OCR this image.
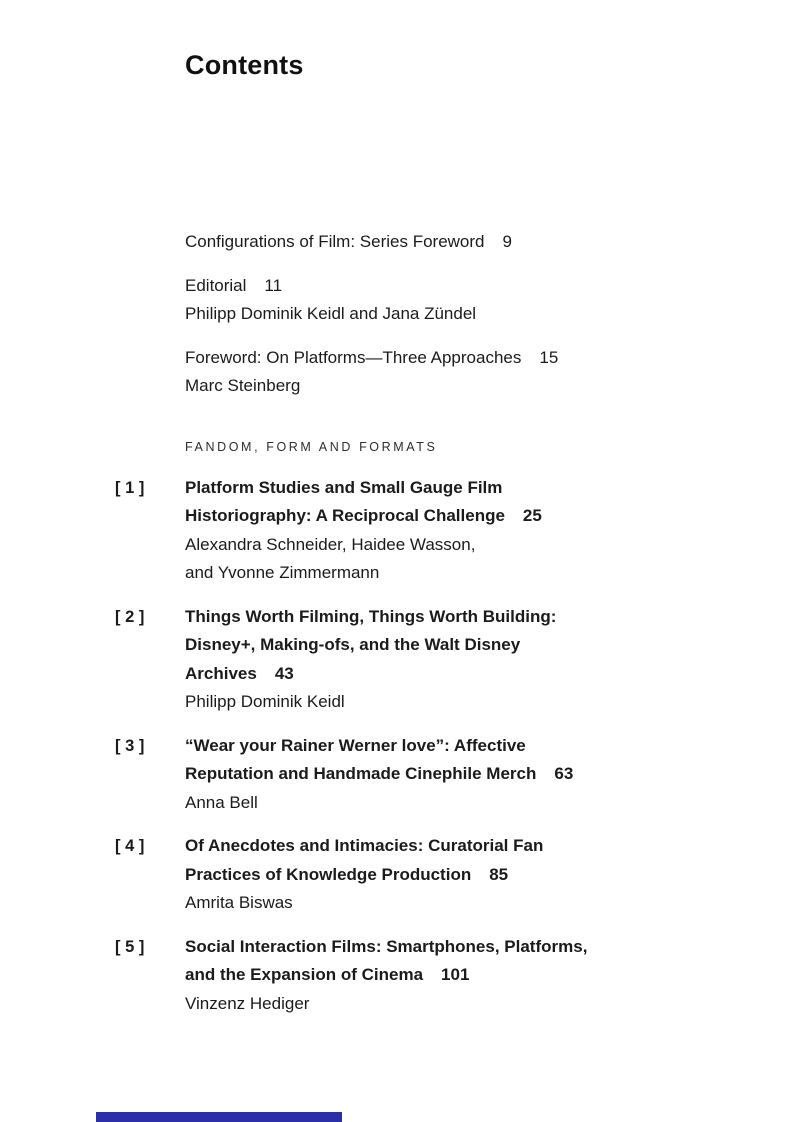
Contents
Configurations of Film: Series Foreword 9
Editorial 11
Philipp Dominik Keidl and Jana Zündel
Foreword: On Platforms—Three Approaches 15
Marc Steinberg
FANDOM, FORM AND FORMATS
[ 1 ] Platform Studies and Small Gauge Film
Historiography: A Reciprocal Challenge 25
Alexandra Schneider, Haidee Wasson,
and Yvonne Zimmermann
[ 2 ] Things Worth Filming, Things Worth Building:
Disney+, Making-ofs, and the Walt Disney
Archives 43
Philipp Dominik Keidl
[ 3 ] “Wear your Rainer Werner love”: Affective
Reputation and Handmade Cinephile Merch 63
Anna Bell
[ 4 ] Of Anecdotes and Intimacies: Curatorial Fan
Practices of Knowledge Production 85
Amrita Biswas
[ 5 ] Social Interaction Films: Smartphones, Platforms,
and the Expansion of Cinema 101
Vinzenz Hediger
